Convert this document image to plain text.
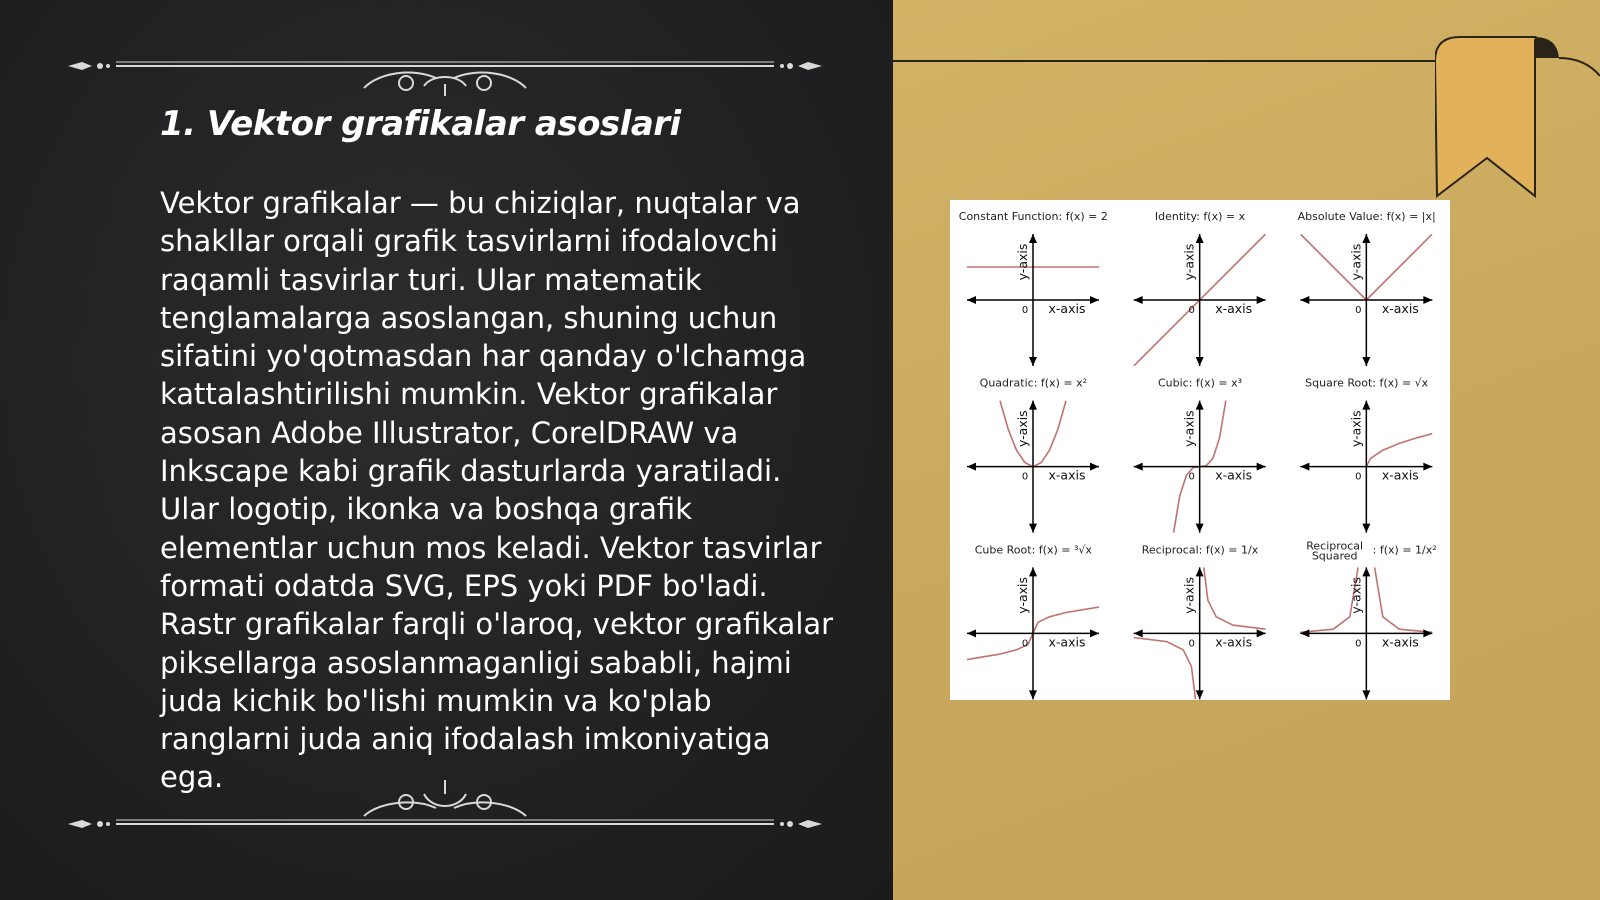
1. Vektor grafikalar asoslari

Vektor grafikalar — bu chiziqlar, nuqtalar va shakllar orqali grafik tasvirlarni ifodalovchi raqamli tasvirlar turi. Ular matematik tenglamalarga asoslangan, shuning uchun sifatini yo'qotmasdan har qanday o'lchamga kattalashtirilishi mumkin. Vektor grafikalar asosan Adobe Illustrator, CorelDRAW va Inkscape kabi grafik dasturlarda yaratiladi. Ular logotip, ikonka va boshqa grafik elementlar uchun mos keladi. Vektor tasvirlar formati odatda SVG, EPS yoki PDF bo'ladi. Rastr grafikalar farqli o'laroq, vektor grafikalar piksellarga asoslanmaganligi sababli, hajmi juda kichik bo'lishi mumkin va ko'plab ranglarni juda aniq ifodalash imkoniyatiga ega.

Constant Function: f(x) = 2
x-axis
y-axis
0
Identity: f(x) = x
x-axis
y-axis
0
Absolute Value: f(x) = |x|
x-axis
y-axis
0
Quadratic: f(x) = x²
x-axis
y-axis
0
Cubic: f(x) = x³
x-axis
y-axis
0
Square Root: f(x) = √x
x-axis
y-axis
0
Cube Root: f(x) = ³√x
x-axis
y-axis
0
Reciprocal: f(x) = 1/x
x-axis
y-axis
0
Reciprocal Squared : f(x) = 1/x²
x-axis
y-axis
0
